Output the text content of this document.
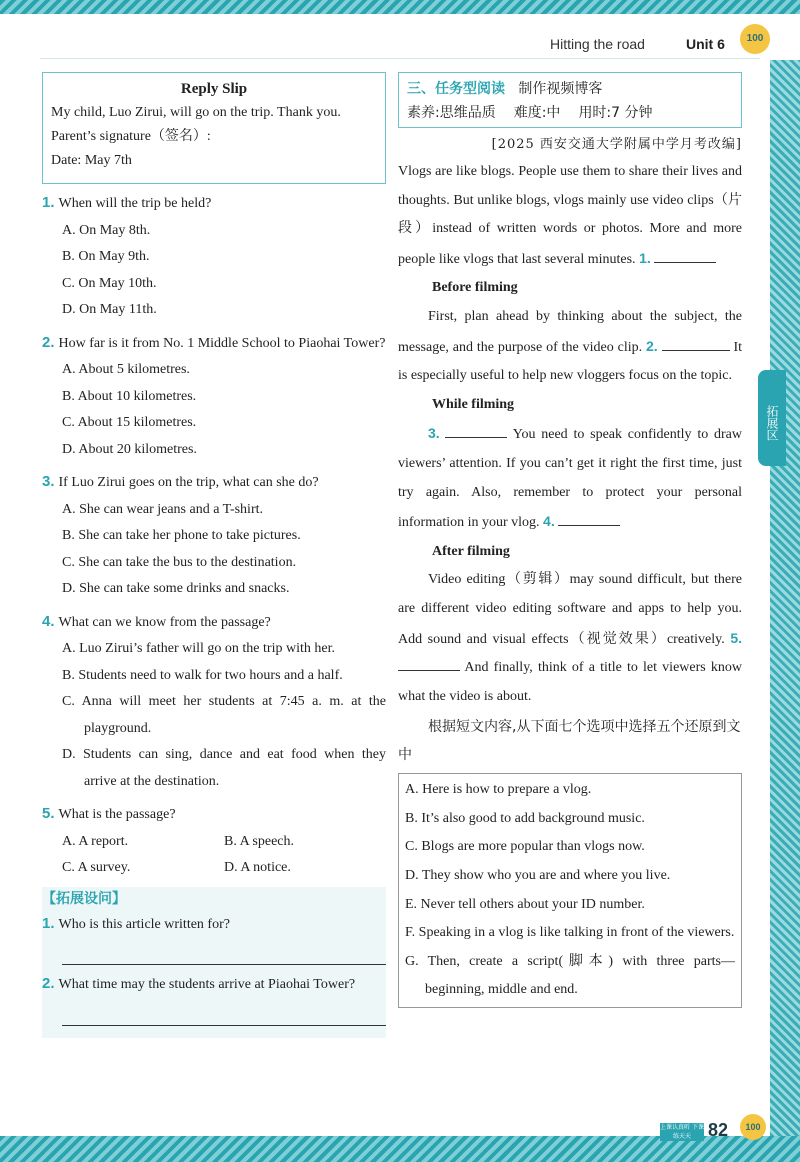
拓展区
Hitting the road	Unit 6	100
Reply Slip
My child, Luo Zirui, will go on the trip. Thank you.
Parent’s signature（签名）:
Date: May 7th
1. When will the trip be held?
A. On May 8th.
B. On May 9th.
C. On May 10th.
D. On May 11th.
2. How far is it from No. 1 Middle School to Piaohai Tower?
A. About 5 kilometres.
B. About 10 kilometres.
C. About 15 kilometres.
D. About 20 kilometres.
3. If Luo Zirui goes on the trip, what can she do?
A. She can wear jeans and a T-shirt.
B. She can take her phone to take pictures.
C. She can take the bus to the destination.
D. She can take some drinks and snacks.
4. What can we know from the passage?
A. Luo Zirui’s father will go on the trip with her.
B. Students need to walk for two hours and a half.
C. Anna will meet her students at 7:45 a. m. at the playground.
D. Students can sing, dance and eat food when they arrive at the destination.
5. What is the passage?
A. A report.	B. A speech.
C. A survey.	D. A notice.
【拓展设问】
1. Who is this article written for?
2. What time may the students arrive at Piaohai Tower?
三、任务型阅读 制作视频博客
素养:思维品质 难度:中 用时:7 分钟
[2025 西安交通大学附属中学月考改编]
Vlogs are like blogs. People use them to share their lives and thoughts. But unlike blogs, vlogs mainly use video clips（片段）instead of written words or photos. More and more people like vlogs that last several minutes. 1.
Before filming
First, plan ahead by thinking about the subject, the message, and the purpose of the video clip. 2.	It is especially useful to help new vloggers focus on the topic.
While filming
3.	You need to speak confidently to draw viewers’ attention. If you can’t get it right the first time, just try again. Also, remember to protect your personal information in your vlog. 4.
After filming
Video editing（剪辑）may sound difficult, but there are different video editing software and apps to help you. Add sound and visual effects（视觉效果）creatively. 5.  And finally, think of a title to let viewers know what the video is about.
根据短文内容,从下面七个选项中选择五个还原到文中
A. Here is how to prepare a vlog.
B. It’s also good to add background music.
C. Blogs are more popular than vlogs now.
D. They show who you are and where you live.
E. Never tell others about your ID number.
F. Speaking in a vlog is like talking in front of the viewers.
G. Then, create a script(脚本) with three parts—beginning, middle and end.
上课认真听 下课练天天 82	100
